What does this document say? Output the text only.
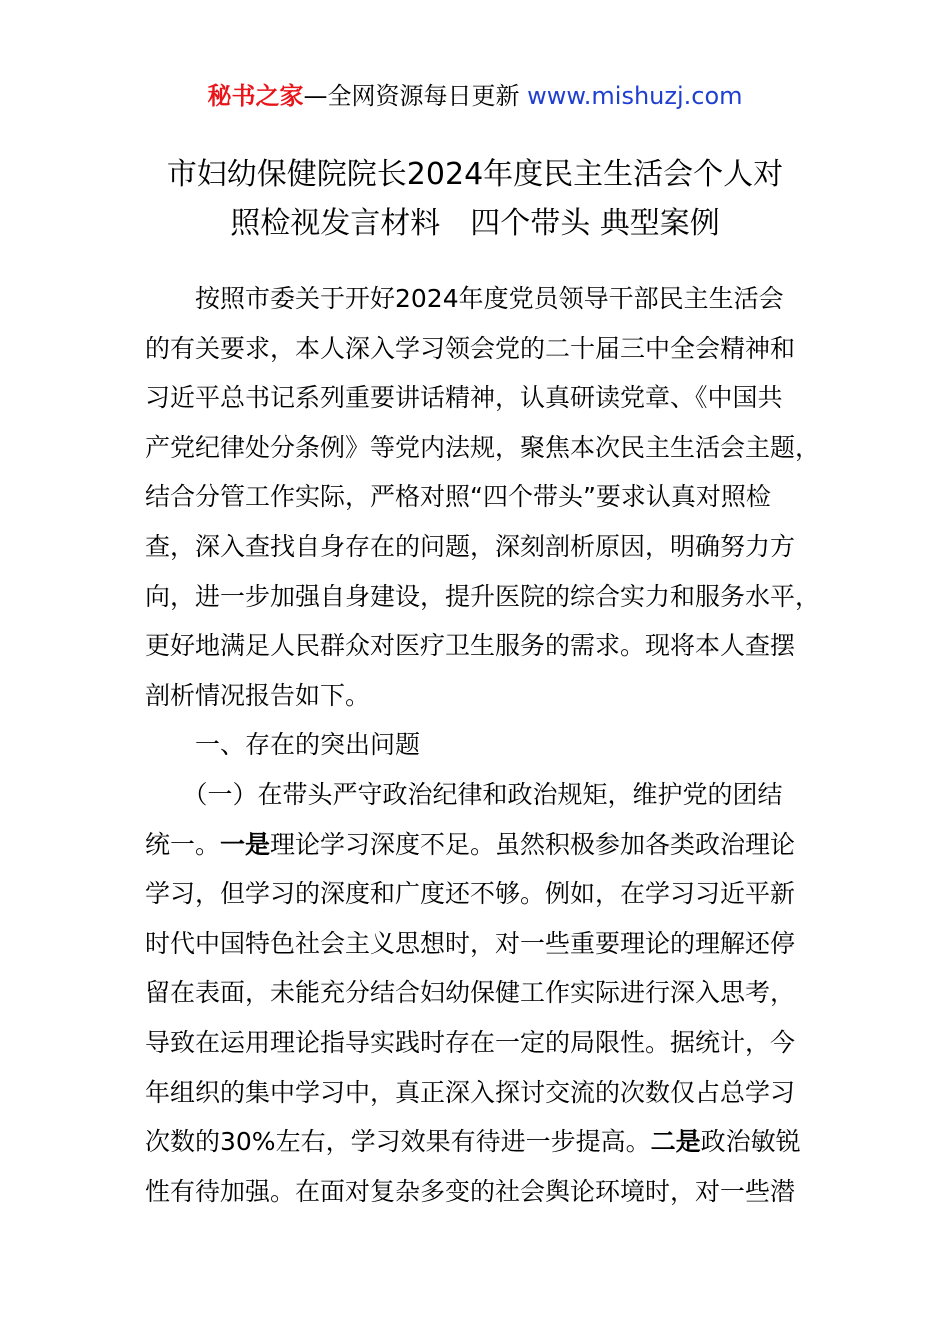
秘书之家—全网资源每日更新 www.mishuzj.com
市妇幼保健院院长2024年度民主生活会个人对
照检视发言材料　四个带头 典型案例
　　按照市委关于开好2024年度党员领导干部民主生活会
的有关要求，本人深入学习领会党的二十届三中全会精神和
习近平总书记系列重要讲话精神，认真研读党章、《中国共
产党纪律处分条例》等党内法规，聚焦本次民主生活会主题，
结合分管工作实际，严格对照“四个带头”要求认真对照检
查，深入查找自身存在的问题，深刻剖析原因，明确努力方
向，进一步加强自身建设，提升医院的综合实力和服务水平，
更好地满足人民群众对医疗卫生服务的需求。现将本人查摆
剖析情况报告如下。
　　一、存在的突出问题
　　（一）在带头严守政治纪律和政治规矩，维护党的团结
统一。一是理论学习深度不足。虽然积极参加各类政治理论
学习，但学习的深度和广度还不够。例如，在学习习近平新
时代中国特色社会主义思想时，对一些重要理论的理解还停
留在表面，未能充分结合妇幼保健工作实际进行深入思考，
导致在运用理论指导实践时存在一定的局限性。据统计，今
年组织的集中学习中，真正深入探讨交流的次数仅占总学习
次数的30%左右，学习效果有待进一步提高。二是政治敏锐
性有待加强。在面对复杂多变的社会舆论环境时，对一些潜
